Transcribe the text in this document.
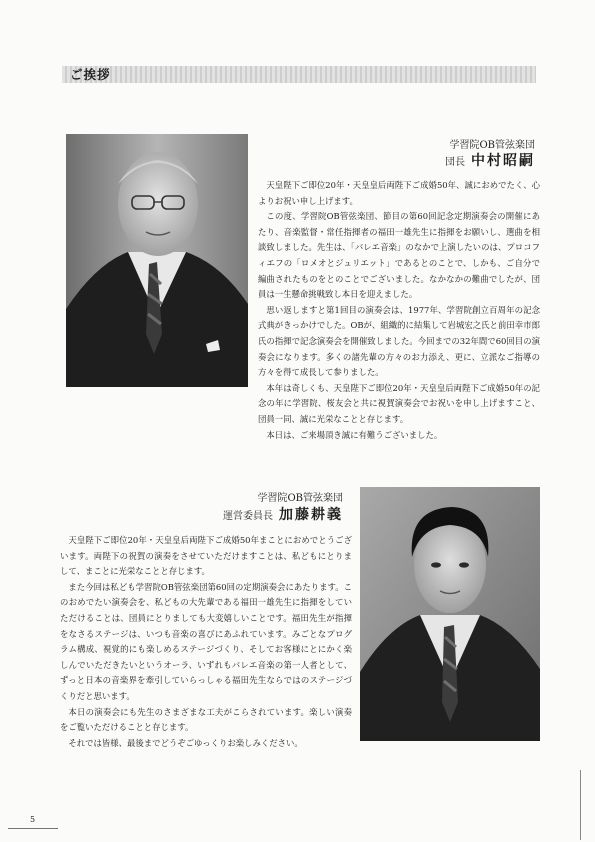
ご挨拶
学習院OB管弦楽団
団長 中村昭嗣

天皇陛下ご即位20年・天皇皇后両陛下ご成婚50年、誠におめでたく、心よりお祝い申し上げます。

この度、学習院OB管弦楽団、節目の第60回記念定期演奏会の開催にあたり、音楽監督・常任指揮者の福田一雄先生に指揮をお願いし、選曲を相談致しました。先生は、「バレエ音楽」のなかで上演したいのは、プロコフィエフの「ロメオとジュリエット」であるとのことで、しかも、ご自分で編曲されたものをとのことでございました。なかなかの難曲でしたが、団員は一生懸命挑戦致し本日を迎えました。

思い返しますと第1回目の演奏会は、1977年、学習院創立百周年の記念式典がきっかけでした。OBが、組織的に結集して岩城宏之氏と前田幸市郎氏の指揮で記念演奏会を開催致しました。今回までの32年間で60回目の演奏会になります。多くの諸先輩の方々のお力添え、更に、立派なご指導の方々を得て成長して参りました。

本年は奇しくも、天皇陛下ご即位20年・天皇皇后両陛下ご成婚50年の記念の年に学習院、桜友会と共に視賀演奏会でお祝いを申し上げますこと、団員一同、誠に光栄なことと存じます。

本日は、ご来場頂き誠に有難うございました。

学習院OB管弦楽団
運営委員長 加藤耕義

天皇陛下ご即位20年・天皇皇后両陛下ご成婚50年まことにおめでとうございます。両陛下の祝賀の演奏をさせていただけますことは、私どもにとりまして、まことに光栄なことと存じます。

また今回は私ども学習院OB管弦楽団第60回の定期演奏会にあたります。このおめでたい演奏会を、私どもの大先輩である福田一雄先生に指揮をしていただけることは、団員にとりましても大変嬉しいことです。福田先生が指揮をなさるステージは、いつも音楽の喜びにあふれています。みごとなプログラム構成、視覚的にも楽しめるステージづくり、そしてお客様にとにかく楽しんでいただきたいというオーラ、いずれもバレエ音楽の第一人者として、ずっと日本の音楽界を牽引していらっしゃる福田先生ならではのステージづくりだと思います。

本日の演奏会にも先生のさまざまな工夫がこらされています。楽しい演奏をご覧いただけることと存じます。

それでは皆様、最後までどうぞごゆっくりお楽しみください。

5
